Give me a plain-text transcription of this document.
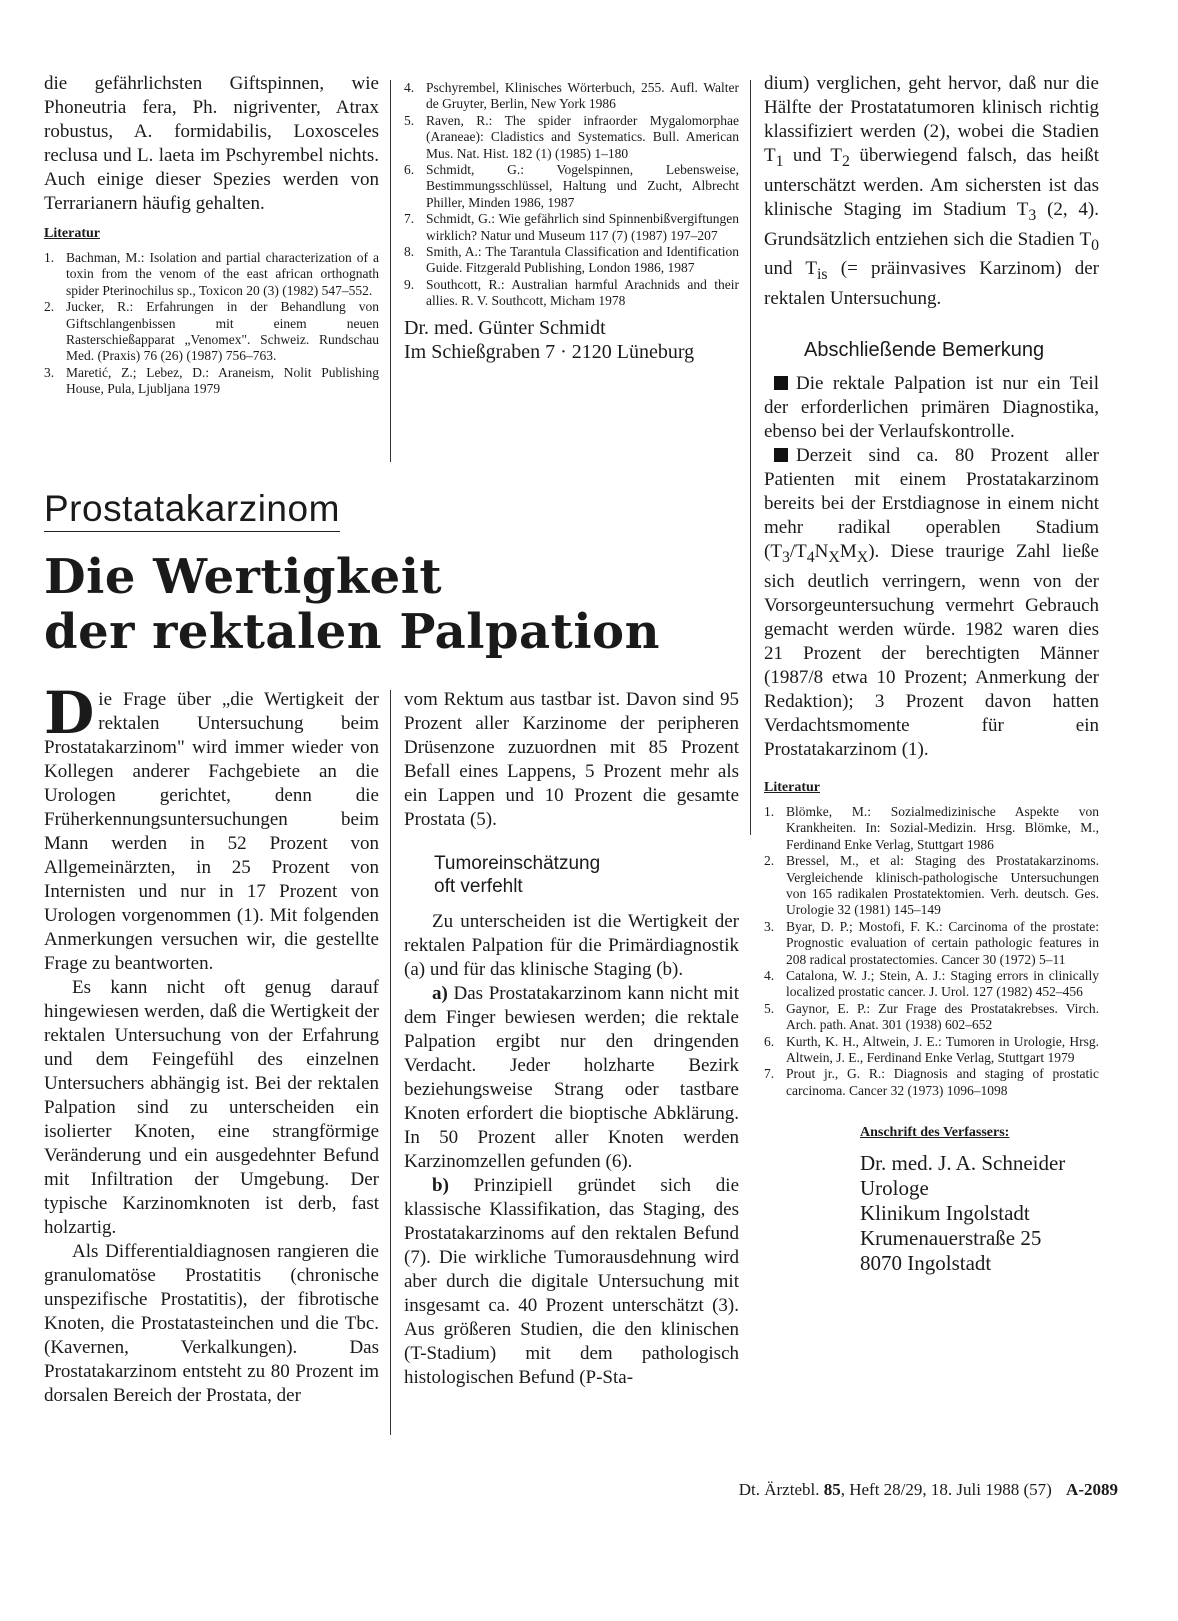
die gefährlichsten Giftspinnen, wie Phoneutria fera, Ph. nigriventer, Atrax robustus, A. formidabilis, Loxosceles reclusa und L. laeta im Pschyrembel nichts. Auch einige dieser Spezies werden von Terrarianern häufig gehalten.

Literatur
1. Bachman, M.: Isolation and partial characterization of a toxin from the venom of the east african orthognath spider Pterinochilus sp., Toxicon 20 (3) (1982) 547–552.
2. Jucker, R.: Erfahrungen in der Behandlung von Giftschlangenbissen mit einem neuen Rasterschießapparat „Venomex". Schweiz. Rundschau Med. (Praxis) 76 (26) (1987) 756–763.
3. Maretić, Z.; Lebez, D.: Araneism, Nolit Publishing House, Pula, Ljubljana 1979
4. Pschyrembel, Klinisches Wörterbuch, 255. Aufl. Walter de Gruyter, Berlin, New York 1986
5. Raven, R.: The spider infraorder Mygalomorphae (Araneae): Cladistics and Systematics. Bull. American Mus. Nat. Hist. 182 (1) (1985) 1–180
6. Schmidt, G.: Vogelspinnen, Lebensweise, Bestimmungsschlüssel, Haltung und Zucht, Albrecht Philler, Minden 1986, 1987
7. Schmidt, G.: Wie gefährlich sind Spinnenbißvergiftungen wirklich? Natur und Museum 117 (7) (1987) 197–207
8. Smith, A.: The Tarantula Classification and Identification Guide. Fitzgerald Publishing, London 1986, 1987
9. Southcott, R.: Australian harmful Arachnids and their allies. R. V. Southcott, Micham 1978
Dr. med. Günter Schmidt
Im Schießgraben 7 · 2120 Lüneburg
Prostatakarzinom
Die Wertigkeit
der rektalen Palpation

Die Frage über „die Wertigkeit der rektalen Untersuchung beim Prostatakarzinom" wird immer wieder von Kollegen anderer Fachgebiete an die Urologen gerichtet, denn die Früherkennungsuntersuchungen beim Mann werden in 52 Prozent von Allgemeinärzten, in 25 Prozent von Internisten und nur in 17 Prozent von Urologen vorgenommen (1). Mit folgenden Anmerkungen versuchen wir, die gestellte Frage zu beantworten.

Es kann nicht oft genug darauf hingewiesen werden, daß die Wertigkeit der rektalen Untersuchung von der Erfahrung und dem Feingefühl des einzelnen Untersuchers abhängig ist. Bei der rektalen Palpation sind zu unterscheiden ein isolierter Knoten, eine strangförmige Veränderung und ein ausgedehnter Befund mit Infiltration der Umgebung. Der typische Karzinomknoten ist derb, fast holzartig.

Als Differentialdiagnosen rangieren die granulomatöse Prostatitis (chronische unspezifische Prostatitis), der fibrotische Knoten, die Prostatasteinchen und die Tbc. (Kavernen, Verkalkungen). Das Prostatakarzinom entsteht zu 80 Prozent im dorsalen Bereich der Prostata, der

vom Rektum aus tastbar ist. Davon sind 95 Prozent aller Karzinome der peripheren Drüsenzone zuzuordnen mit 85 Prozent Befall eines Lappens, 5 Prozent mehr als ein Lappen und 10 Prozent die gesamte Prostata (5).

Tumoreinschätzung
oft verfehlt

Zu unterscheiden ist die Wertigkeit der rektalen Palpation für die Primärdiagnostik (a) und für das klinische Staging (b).

a) Das Prostatakarzinom kann nicht mit dem Finger bewiesen werden; die rektale Palpation ergibt nur den dringenden Verdacht. Jeder holzharte Bezirk beziehungsweise Strang oder tastbare Knoten erfordert die bioptische Abklärung. In 50 Prozent aller Knoten werden Karzinomzellen gefunden (6).

b) Prinzipiell gründet sich die klassische Klassifikation, das Staging, des Prostatakarzinoms auf den rektalen Befund (7). Die wirkliche Tumorausdehnung wird aber durch die digitale Untersuchung mit insgesamt ca. 40 Prozent unterschätzt (3). Aus größeren Studien, die den klinischen (T-Stadium) mit dem pathologisch histologischen Befund (P-Sta-

dium) verglichen, geht hervor, daß nur die Hälfte der Prostatatumoren klinisch richtig klassifiziert werden (2), wobei die Stadien $T_1$ und $T_2$ überwiegend falsch, das heißt unterschätzt werden. Am sichersten ist das klinische Staging im Stadium $T_3$ (2, 4). Grundsätzlich entziehen sich die Stadien $T_0$ und $T_{is}$ (= präinvasives Karzinom) der rektalen Untersuchung.

Abschließende Bemerkung

Die rektale Palpation ist nur ein Teil der erforderlichen primären Diagnostika, ebenso bei der Verlaufskontrolle.

Derzeit sind ca. 80 Prozent aller Patienten mit einem Prostatakarzinom bereits bei der Erstdiagnose in einem nicht mehr radikal operablen Stadium $(T_3/T_4N_XM_X)$. Diese traurige Zahl ließe sich deutlich verringern, wenn von der Vorsorgeuntersuchung vermehrt Gebrauch gemacht werden würde. 1982 waren dies 21 Prozent der berechtigten Männer (1987/8 etwa 10 Prozent; Anmerkung der Redaktion); 3 Prozent davon hatten Verdachtsmomente für ein Prostatakarzinom (1).

Literatur
1. Blömke, M.: Sozialmedizinische Aspekte von Krankheiten. In: Sozial-Medizin. Hrsg. Blömke, M., Ferdinand Enke Verlag, Stuttgart 1986
2. Bressel, M., et al: Staging des Prostatakarzinoms. Vergleichende klinisch-pathologische Untersuchungen von 165 radikalen Prostatektomien. Verh. deutsch. Ges. Urologie 32 (1981) 145–149
3. Byar, D. P.; Mostofi, F. K.: Carcinoma of the prostate: Prognostic evaluation of certain pathologic features in 208 radical prostatectomies. Cancer 30 (1972) 5–11
4. Catalona, W. J.; Stein, A. J.: Staging errors in clinically localized prostatic cancer. J. Urol. 127 (1982) 452–456
5. Gaynor, E. P.: Zur Frage des Prostatakrebses. Virch. Arch. path. Anat. 301 (1938) 602–652
6. Kurth, K. H., Altwein, J. E.: Tumoren in Urologie, Hrsg. Altwein, J. E., Ferdinand Enke Verlag, Stuttgart 1979
7. Prout jr., G. R.: Diagnosis and staging of prostatic carcinoma. Cancer 32 (1973) 1096–1098
Anschrift des Verfassers:
Dr. med. J. A. Schneider
Urologe
Klinikum Ingolstadt
Krumenauerstraße 25
8070 Ingolstadt
Dt. Ärztebl. 85, Heft 28/29, 18. Juli 1988 (57) A-2089
